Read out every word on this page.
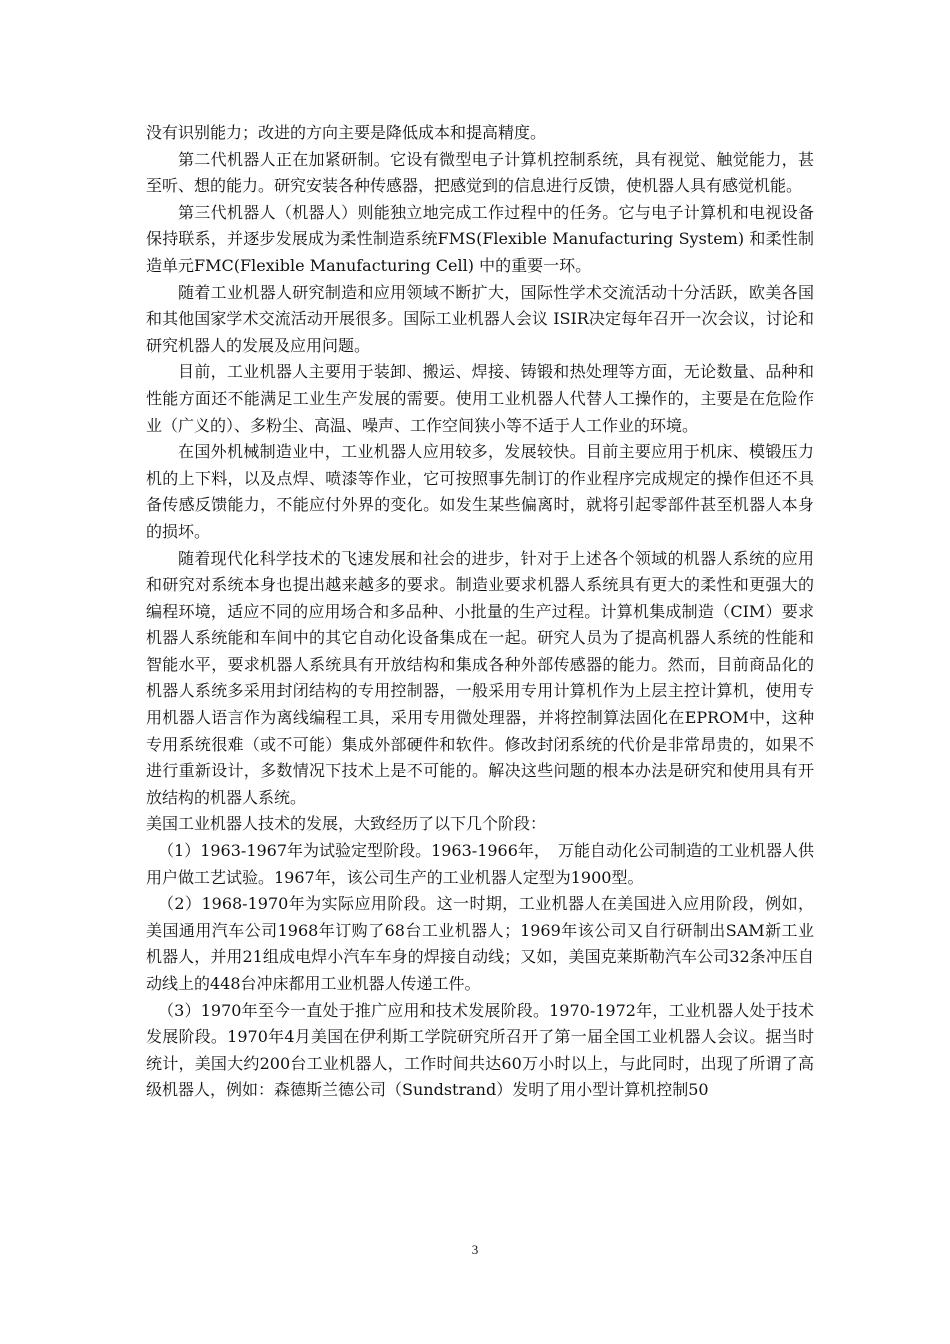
没有识别能力；改进的方向主要是降低成本和提高精度。

第二代机器人正在加紧研制。它设有微型电子计算机控制系统，具有视觉、触觉能力，甚至听、想的能力。研究安装各种传感器，把感觉到的信息进行反馈，使机器人具有感觉机能。

第三代机器人（机器人）则能独立地完成工作过程中的任务。它与电子计算机和电视设备保持联系，并逐步发展成为柔性制造系统FMS(Flexible Manufacturing System) 和柔性制造单元FMC(Flexible Manufacturing Cell) 中的重要一环。

随着工业机器人研究制造和应用领域不断扩大，国际性学术交流活动十分活跃，欧美各国和其他国家学术交流活动开展很多。国际工业机器人会议 ISIR决定每年召开一次会议，讨论和研究机器人的发展及应用问题。

目前，工业机器人主要用于装卸、搬运、焊接、铸锻和热处理等方面，无论数量、品种和性能方面还不能满足工业生产发展的需要。使用工业机器人代替人工操作的，主要是在危险作业（广义的）、多粉尘、高温、噪声、工作空间狭小等不适于人工作业的环境。

在国外机械制造业中，工业机器人应用较多，发展较快。目前主要应用于机床、模锻压力机的上下料，以及点焊、喷漆等作业，它可按照事先制订的作业程序完成规定的操作但还不具备传感反馈能力，不能应付外界的变化。如发生某些偏离时，就将引起零部件甚至机器人本身的损坏。

随着现代化科学技术的飞速发展和社会的进步，针对于上述各个领域的机器人系统的应用和研究对系统本身也提出越来越多的要求。制造业要求机器人系统具有更大的柔性和更强大的编程环境，适应不同的应用场合和多品种、小批量的生产过程。计算机集成制造（CIM）要求机器人系统能和车间中的其它自动化设备集成在一起。研究人员为了提高机器人系统的性能和智能水平，要求机器人系统具有开放结构和集成各种外部传感器的能力。然而，目前商品化的机器人系统多采用封闭结构的专用控制器，一般采用专用计算机作为上层主控计算机，使用专用机器人语言作为离线编程工具，采用专用微处理器，并将控制算法固化在EPROM中，这种专用系统很难（或不可能）集成外部硬件和软件。修改封闭系统的代价是非常昂贵的，如果不进行重新设计，多数情况下技术上是不可能的。解决这些问题的根本办法是研究和使用具有开放结构的机器人系统。

美国工业机器人技术的发展，大致经历了以下几个阶段：

（1）1963-1967年为试验定型阶段。1963-1966年，　万能自动化公司制造的工业机器人供用户做工艺试验。1967年，该公司生产的工业机器人定型为1900型。

（2）1968-1970年为实际应用阶段。这一时期，工业机器人在美国进入应用阶段，例如，美国通用汽车公司1968年订购了68台工业机器人；1969年该公司又自行研制出SAM新工业机器人，并用21组成电焊小汽车车身的焊接自动线；又如，美国克莱斯勒汽车公司32条冲压自动线上的448台冲床都用工业机器人传递工件。

（3）1970年至今一直处于推广应用和技术发展阶段。1970-1972年，工业机器人处于技术发展阶段。1970年4月美国在伊利斯工学院研究所召开了第一届全国工业机器人会议。据当时统计，美国大约200台工业机器人，工作时间共达60万小时以上，与此同时，出现了所谓了高级机器人，例如：森德斯兰德公司（Sundstrand）发明了用小型计算机控制50

3
